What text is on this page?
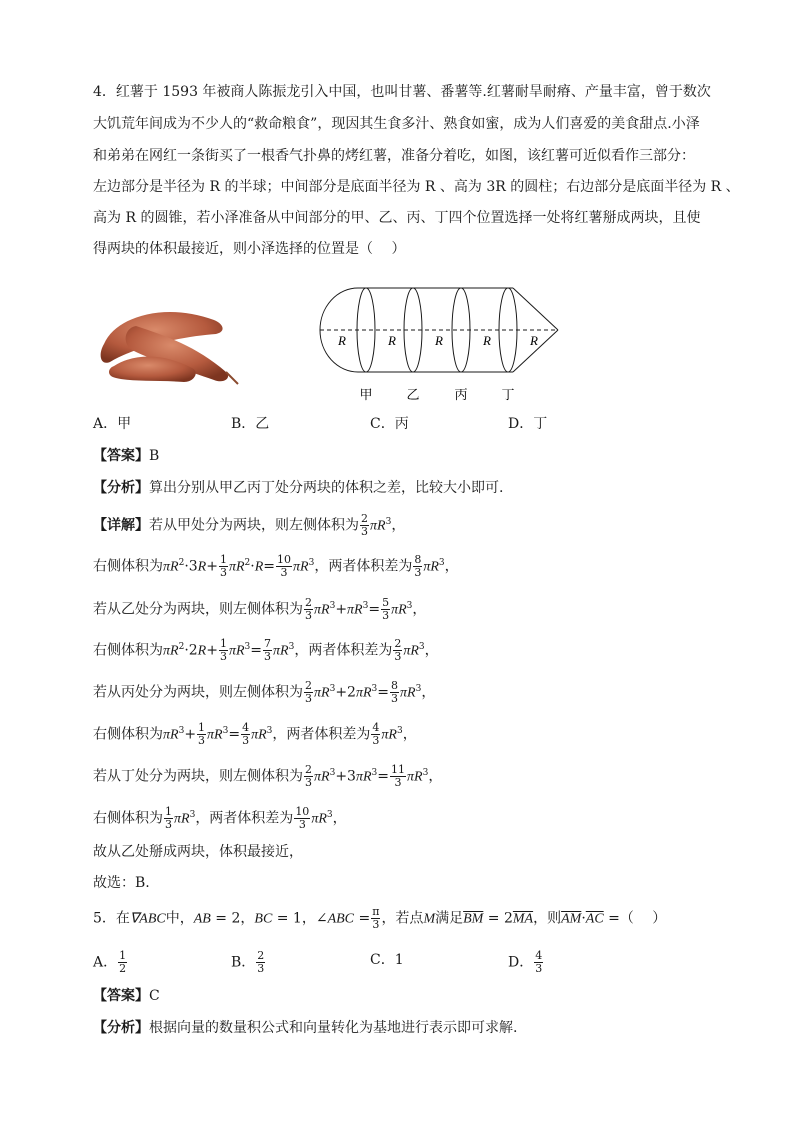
4．红薯于 1593 年被商人陈振龙引入中国，也叫甘薯、番薯等.红薯耐旱耐瘠、产量丰富，曾于数次
大饥荒年间成为不少人的“救命粮食”，现因其生食多汁、熟食如蜜，成为人们喜爱的美食甜点.小泽
和弟弟在网红一条街买了一根香气扑鼻的烤红薯，准备分着吃，如图，该红薯可近似看作三部分：
左边部分是半径为 R 的半球；中间部分是底面半径为 R 、高为 3R 的圆柱；右边部分是底面半径为 R 、
高为 R 的圆锥，若小泽准备从中间部分的甲、乙、丙、丁四个位置选择一处将红薯掰成两块，且使
得两块的体积最接近，则小泽选择的位置是（　 ）
R	R	R	R	R
甲	乙	丙	丁
A．甲	B．乙	C．丙	D．丁
【答案】B
【分析】算出分别从甲乙丙丁处分两块的体积之差，比较大小即可.
【详解】若从甲处分为两块，则左侧体积为 $\frac{2}{3} \pi R^3$，
右侧体积为$\pi R^2\cdot 3R+ \frac{1}{3} \pi R^2\cdot R= \frac{10}{3} \pi R^3$，两者体积差为 $\frac{8}{3} \pi R^3$，
若从乙处分为两块，则左侧体积为 $\frac{2}{3} \pi R^3+\pi R^3= \frac{5}{3} \pi R^3$，
右侧体积为$\pi R^2\cdot 2R+ \frac{1}{3} \pi R^3= \frac{7}{3} \pi R^3$，两者体积差为 $\frac{2}{3} \pi R^3$，
若从丙处分为两块，则左侧体积为 $\frac{2}{3} \pi R^3+2\pi R^3= \frac{8}{3} \pi R^3$，
右侧体积为$\pi R^3+ \frac{1}{3} \pi R^3= \frac{4}{3} \pi R^3$，两者体积差为 $\frac{4}{3} \pi R^3$，
若从丁处分为两块，则左侧体积为 $\frac{2}{3} \pi R^3+3\pi R^3= \frac{11}{3} \pi R^3$，
右侧体积为 $\frac{1}{3} \pi R^3$，两者体积差为 $\frac{10}{3} \pi R^3$，
故从乙处掰成两块，体积最接近，
故选：B.
5．在∇ABC中，AB = 2，BC = 1，∠ABC = $\frac{\pi}{3}$ ，若点M满足$\overline{BM} = 2\overline{MA}$，则$\overline{AM}\cdot\overline{AC}$ =（　 ）
A． $\frac{1}{2}$	B． $\frac{2}{3}$	C．1	D． $\frac{4}{3}$
【答案】C
【分析】根据向量的数量积公式和向量转化为基地进行表示即可求解.
